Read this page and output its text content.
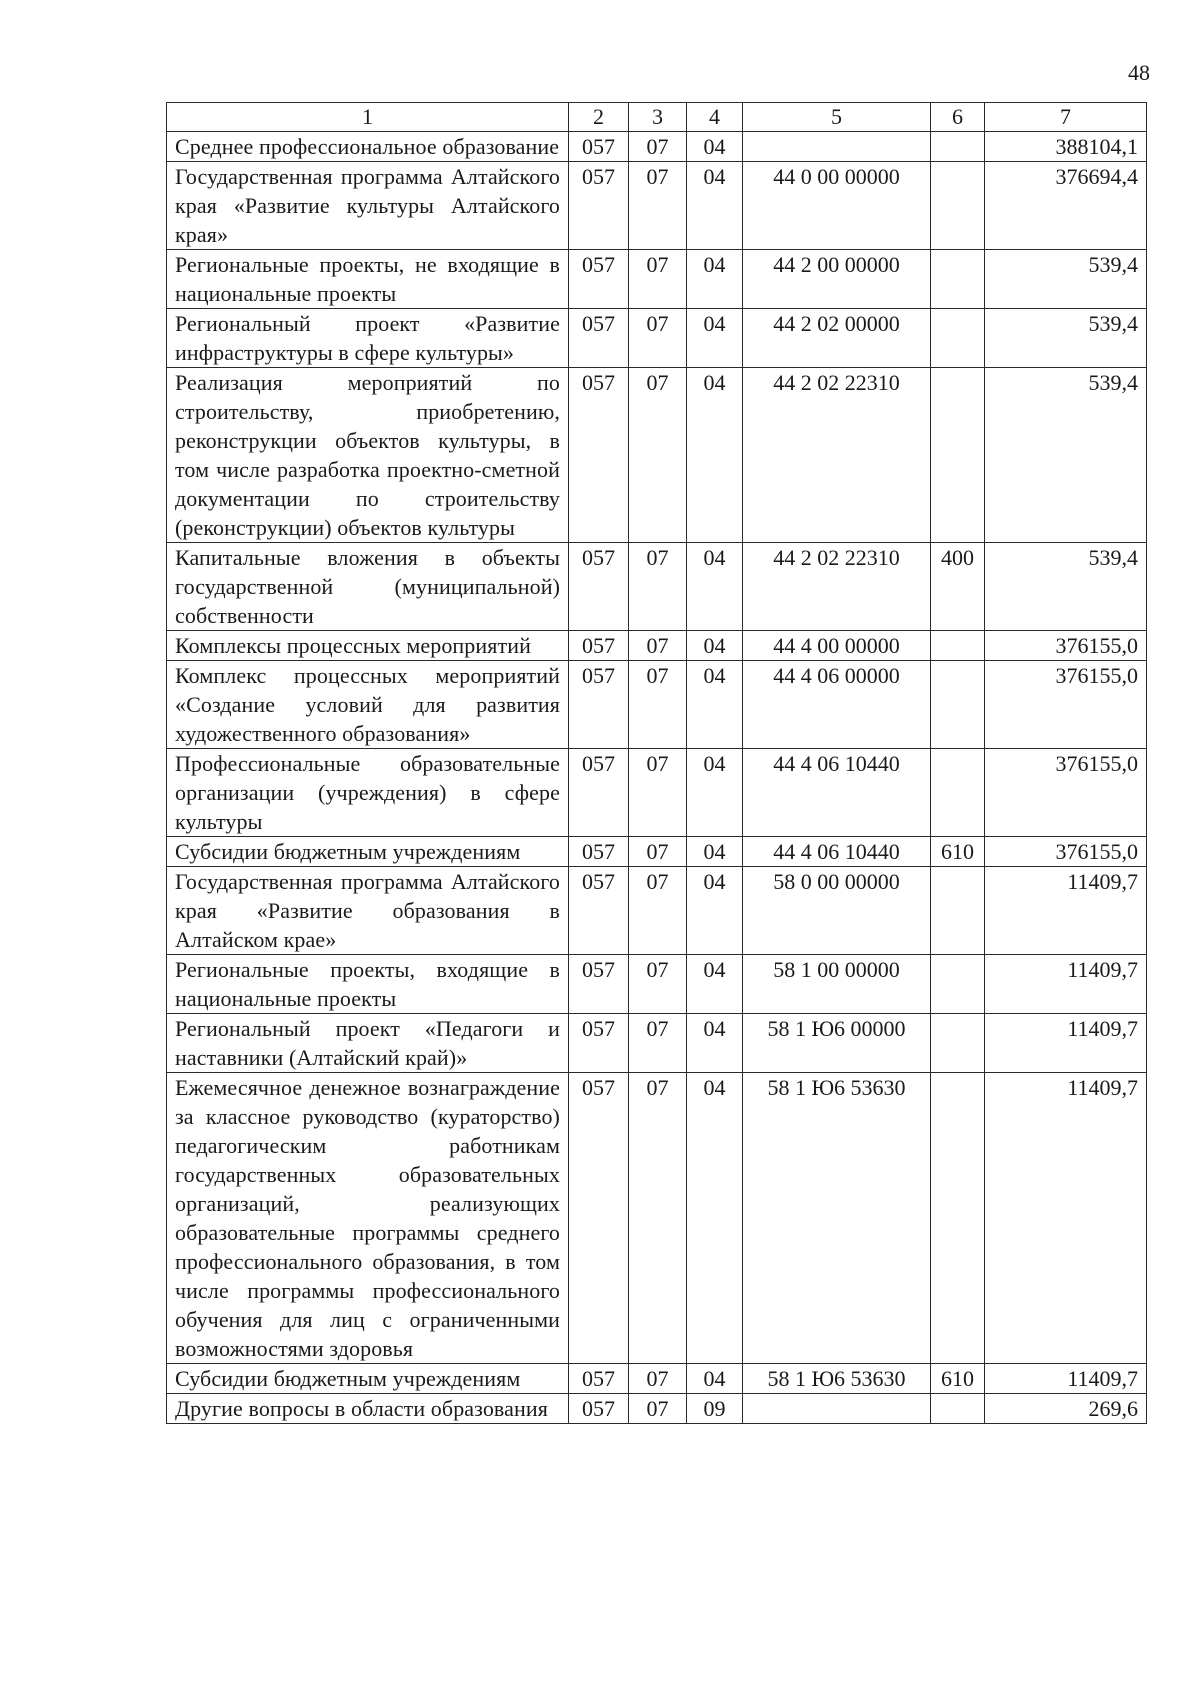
48
1	2	3	4	5	6	7
Среднее профессиональное образование	057	07	04			388104,1
Государственная программа Алтайского края «Развитие культуры Алтайского края»	057	07	04	44 0 00 00000		376694,4
Региональные проекты, не входящие в национальные проекты	057	07	04	44 2 00 00000		539,4
Региональный проект «Развитие инфраструктуры в сфере культуры»	057	07	04	44 2 02 00000		539,4
Реализация мероприятий по строительству, приобретению, реконструкции объектов культуры, в том числе разработка проектно-сметной документации по строительству (реконструкции) объектов культуры	057	07	04	44 2 02 22310		539,4
Капитальные вложения в объекты государственной (муниципальной) собственности	057	07	04	44 2 02 22310	400	539,4
Комплексы процессных мероприятий	057	07	04	44 4 00 00000		376155,0
Комплекс процессных мероприятий «Создание условий для развития художественного образования»	057	07	04	44 4 06 00000		376155,0
Профессиональные образовательные организации (учреждения) в сфере культуры	057	07	04	44 4 06 10440		376155,0
Субсидии бюджетным учреждениям	057	07	04	44 4 06 10440	610	376155,0
Государственная программа Алтайского края «Развитие образования в Алтайском крае»	057	07	04	58 0 00 00000		11409,7
Региональные проекты, входящие в национальные проекты	057	07	04	58 1 00 00000		11409,7
Региональный проект «Педагоги и наставники (Алтайский край)»	057	07	04	58 1 Ю6 00000		11409,7
Ежемесячное денежное вознаграждение за классное руководство (кураторство) педагогическим работникам государственных образовательных организаций, реализующих образовательные программы среднего профессионального образования, в том числе программы профессионального обучения для лиц с ограниченными возможностями здоровья	057	07	04	58 1 Ю6 53630		11409,7
Субсидии бюджетным учреждениям	057	07	04	58 1 Ю6 53630	610	11409,7
Другие вопросы в области образования	057	07	09			269,6
